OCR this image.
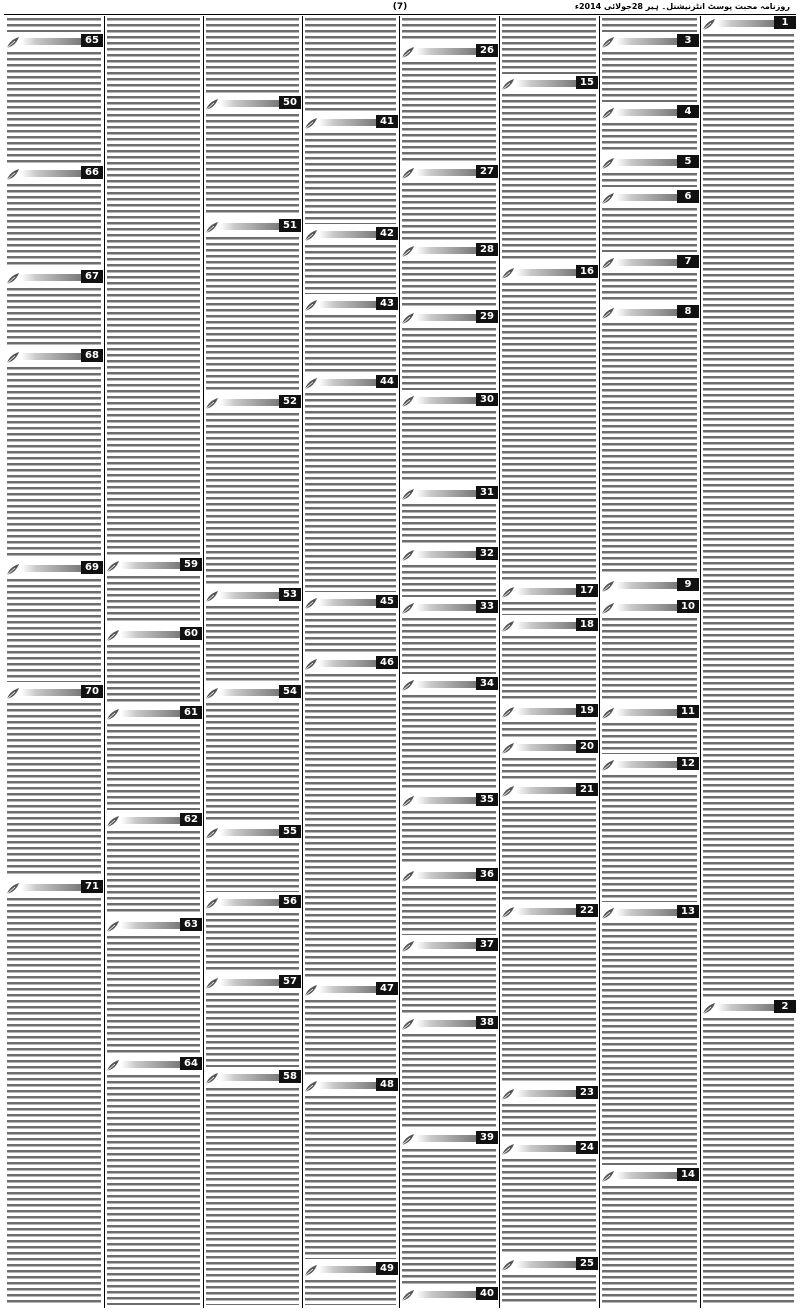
(7)	روزنامہ محبت پوسٹ انٹرنیشنل۔ ہیر 28جولائی 2014ء
1
2
3
4
5
6
7
8
9
10
11
12
13
14
15
16
17
18
19
20
21
22
23
24
25
26
27
28
29
30
31
32
33
34
35
36
37
38
39
40
41
42
43
44
45
46
47
48
49
50
51
52
53
54
55
56
57
58
59
60
61
62
63
64
65
66
67
68
69
70
71
